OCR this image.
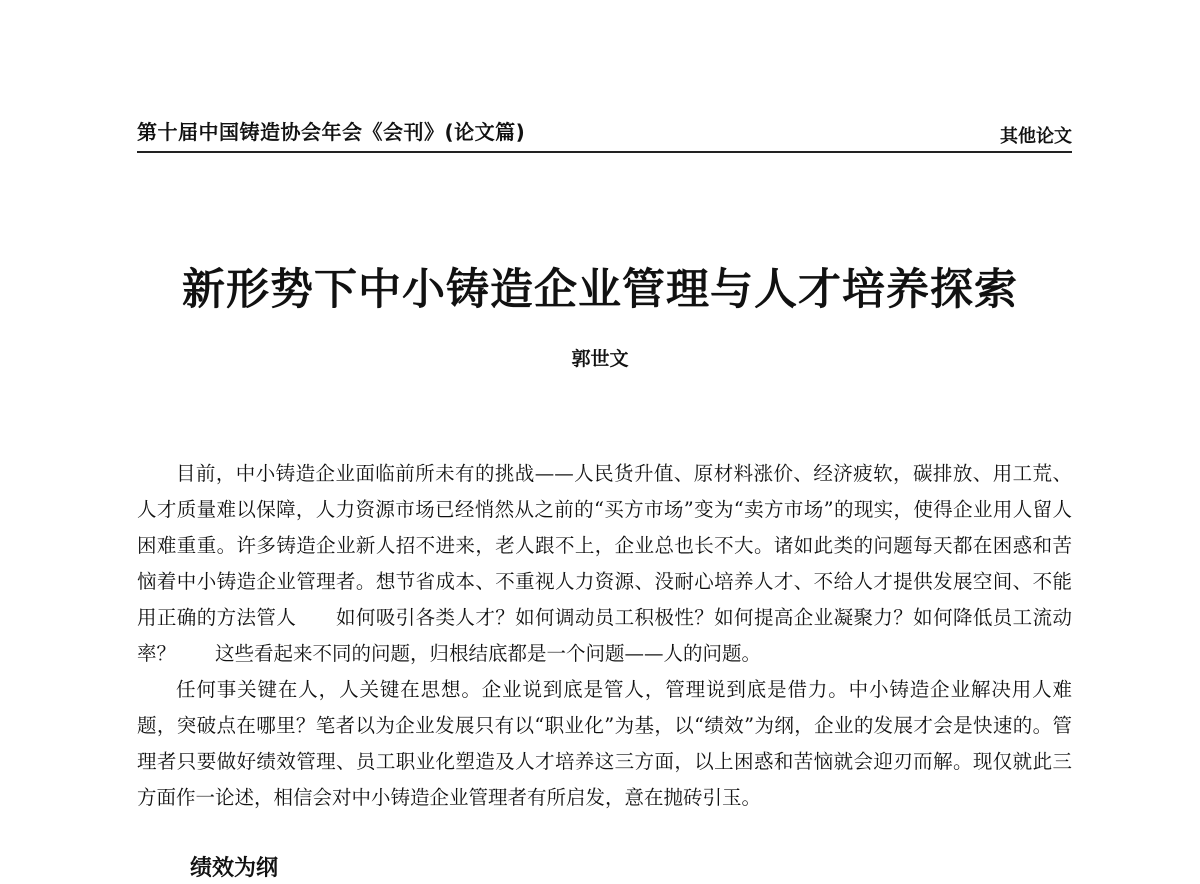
第十届中国铸造协会年会《会刊》(论文篇)	其他论文
新形势下中小铸造企业管理与人才培养探索
郭世文

目前，中小铸造企业面临前所未有的挑战——人民货升值、原材料涨价、经济疲软，碳排放、用工荒、人才质量难以保障，人力资源市场已经悄然从之前的“买方市场”变为“卖方市场”的现实，使得企业用人留人困难重重。许多铸造企业新人招不进来，老人跟不上，企业总也长不大。诸如此类的问题每天都在困惑和苦恼着中小铸造企业管理者。想节省成本、不重视人力资源、没耐心培养人才、不给人才提供发展空间、不能用正确的方法管人　　如何吸引各类人才？如何调动员工积极性？如何提高企业凝聚力？如何降低员工流动率？　　这些看起来不同的问题，归根结底都是一个问题——人的问题。

任何事关键在人，人关键在思想。企业说到底是管人，管理说到底是借力。中小铸造企业解决用人难题，突破点在哪里？笔者以为企业发展只有以“职业化”为基，以“绩效”为纲，企业的发展才会是快速的。管理者只要做好绩效管理、员工职业化塑造及人才培养这三方面，以上困惑和苦恼就会迎刃而解。现仅就此三方面作一论述，相信会对中小铸造企业管理者有所启发，意在抛砖引玉。

绩效为纲
